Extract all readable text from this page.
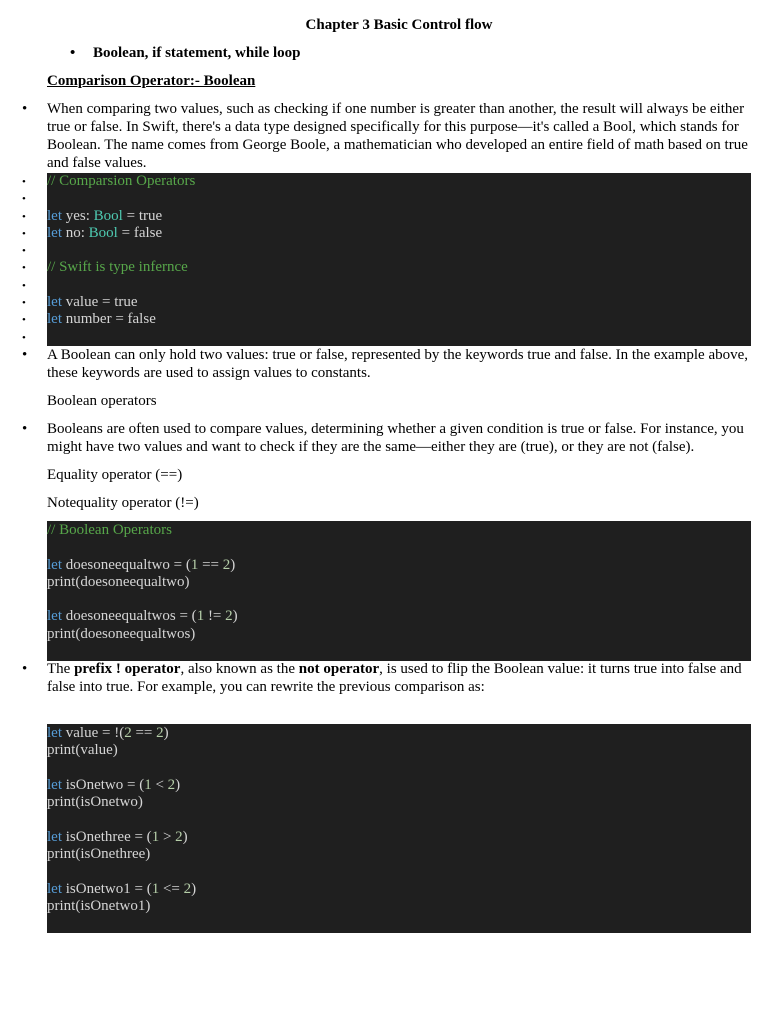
Chapter 3 Basic Control flow
• Boolean, if statement, while loop
Comparison Operator:- Boolean
• When comparing two values, such as checking if one number is greater than another, the result will always be either true or false. In Swift, there's a data type designed specifically for this purpose—it's called a Bool, which stands for Boolean. The name comes from George Boole, a mathematician who developed an entire field of math based on true and false values.
•
•
•
•
•
•
•
•
•
•
// Comparsion Operators
let yes: Bool = true
let no: Bool = false
// Swift is type infernce
let value = true
let number = false
• A Boolean can only hold two values: true or false, represented by the keywords true and false. In the example above, these keywords are used to assign values to constants.
Boolean operators
• Booleans are often used to compare values, determining whether a given condition is true or false. For instance, you might have two values and want to check if they are the same—either they are (true), or they are not (false).
Equality operator (==)
Notequality operator (!=)
// Boolean Operators
let doesoneequaltwo = (1 == 2)
print(doesoneequaltwo)
let doesoneequaltwos = (1 != 2)
print(doesoneequaltwos)
• The prefix ! operator, also known as the not operator, is used to flip the Boolean value: it turns true into false and false into true. For example, you can rewrite the previous comparison as:
let value = !(2 == 2)
print(value)
let isOnetwo = (1 < 2)
print(isOnetwo)
let isOnethree = (1 > 2)
print(isOnethree)
let isOnetwo1 = (1 <= 2)
print(isOnetwo1)
